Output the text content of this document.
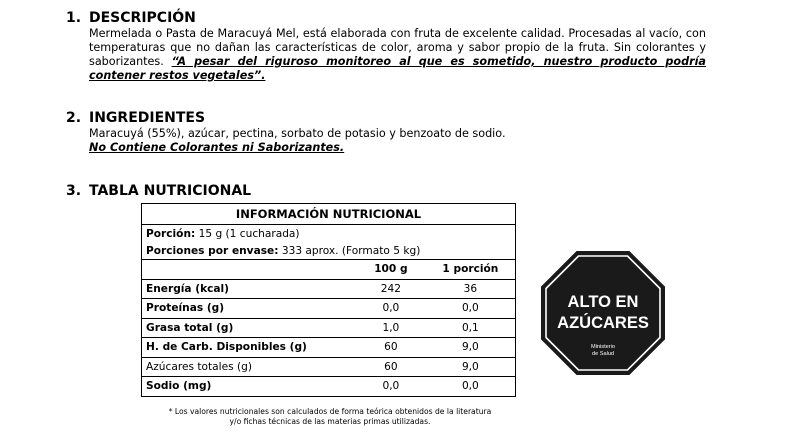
1. DESCRIPCIÓN

Mermelada o Pasta de Maracuyá Mel, está elaborada con fruta de excelente calidad. Procesadas al vacío, con temperaturas que no dañan las características de color, aroma y sabor propio de la fruta. Sin colorantes y saborizantes. “A pesar del riguroso monitoreo al que es sometido, nuestro producto podría contener restos vegetales”.

2. INGREDIENTES

Maracuyá (55%), azúcar, pectina, sorbato de potasio y benzoato de sodio.

No Contiene Colorantes ni Saborizantes.

3. TABLA NUTRICIONAL
INFORMACIÓN NUTRICIONAL		
Porción: 15 g (1 cucharada)		
Porciones por envase: 333 aprox. (Formato 5 kg)		
	100 g	1 porción
Energía (kcal)	242	36
Proteínas (g)	0,0	0,0
Grasa total (g)	1,0	0,1
H. de Carb. Disponibles (g)	60	9,0
Azúcares totales (g)	60	9,0
Sodio (mg)	0,0	0,0
* Los valores nutricionales son calculados de forma teórica obtenidos de la literatura
y/o fichas técnicas de las materias primas utilizadas.
ALTO EN
AZÚCARES
Ministerio
de Salud
